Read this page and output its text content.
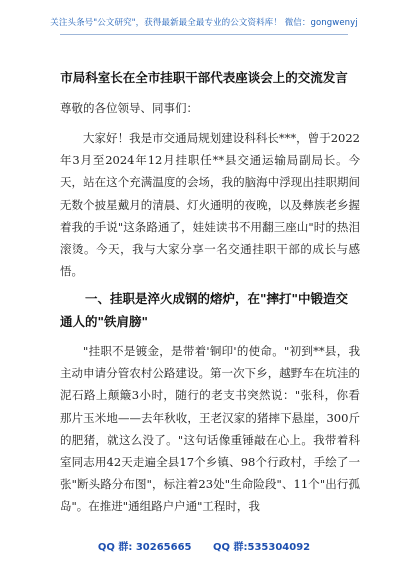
关注头条号"公文研究"，获得最新最全最专业的公文资料库！ 微信：gongwenyj
市局科室长在全市挂职干部代表座谈会上的交流发言
尊敬的各位领导、同事们：

大家好！我是市交通局规划建设科科长***，曾于2022年3月至2024年12月挂职任**县交通运输局副局长。今天，站在这个充满温度的会场，我的脑海中浮现出挂职期间无数个披星戴月的清晨、灯火通明的夜晚，以及彝族老乡握着我的手说"这条路通了，娃娃读书不用翻三座山"时的热泪滚烫。今天，我与大家分享一名交通挂职干部的成长与感悟。

一、挂职是淬火成钢的熔炉，在"摔打"中锻造交通人的"铁肩膀"

"挂职不是镀金，是带着'铜印'的使命。"初到**县，我主动申请分管农村公路建设。第一次下乡，越野车在坑洼的泥石路上颠簸3小时，随行的老支书突然说："张科，你看那片玉米地——去年秋收，王老汉家的猪摔下悬崖，300斤的肥猪，就这么没了。"这句话像重锤敲在心上。我带着科室同志用42天走遍全县17个乡镇、98个行政村，手绘了一张"断头路分布图"，标注着23处"生命险段"、11个"出行孤岛"。在推进"通组路户户通"工程时，我

QQ 群: 30265665 QQ 群:535304092
